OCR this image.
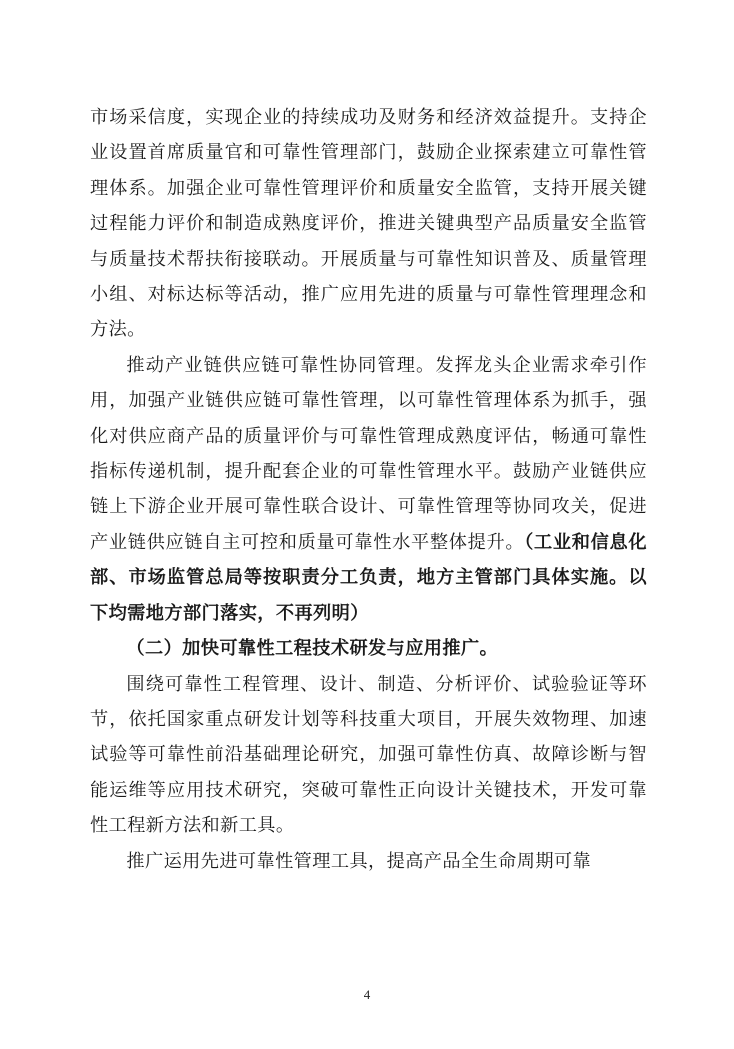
市场采信度，实现企业的持续成功及财务和经济效益提升。支持企业设置首席质量官和可靠性管理部门，鼓励企业探索建立可靠性管理体系。加强企业可靠性管理评价和质量安全监管，支持开展关键过程能力评价和制造成熟度评价，推进关键典型产品质量安全监管与质量技术帮扶衔接联动。开展质量与可靠性知识普及、质量管理小组、对标达标等活动，推广应用先进的质量与可靠性管理理念和方法。

推动产业链供应链可靠性协同管理。发挥龙头企业需求牵引作用，加强产业链供应链可靠性管理，以可靠性管理体系为抓手，强化对供应商产品的质量评价与可靠性管理成熟度评估，畅通可靠性指标传递机制，提升配套企业的可靠性管理水平。鼓励产业链供应链上下游企业开展可靠性联合设计、可靠性管理等协同攻关，促进产业链供应链自主可控和质量可靠性水平整体提升。（工业和信息化部、市场监管总局等按职责分工负责，地方主管部门具体实施。以下均需地方部门落实，不再列明）

（二）加快可靠性工程技术研发与应用推广。

围绕可靠性工程管理、设计、制造、分析评价、试验验证等环节，依托国家重点研发计划等科技重大项目，开展失效物理、加速试验等可靠性前沿基础理论研究，加强可靠性仿真、故障诊断与智能运维等应用技术研究，突破可靠性正向设计关键技术，开发可靠性工程新方法和新工具。

推广运用先进可靠性管理工具，提高产品全生命周期可靠

4
